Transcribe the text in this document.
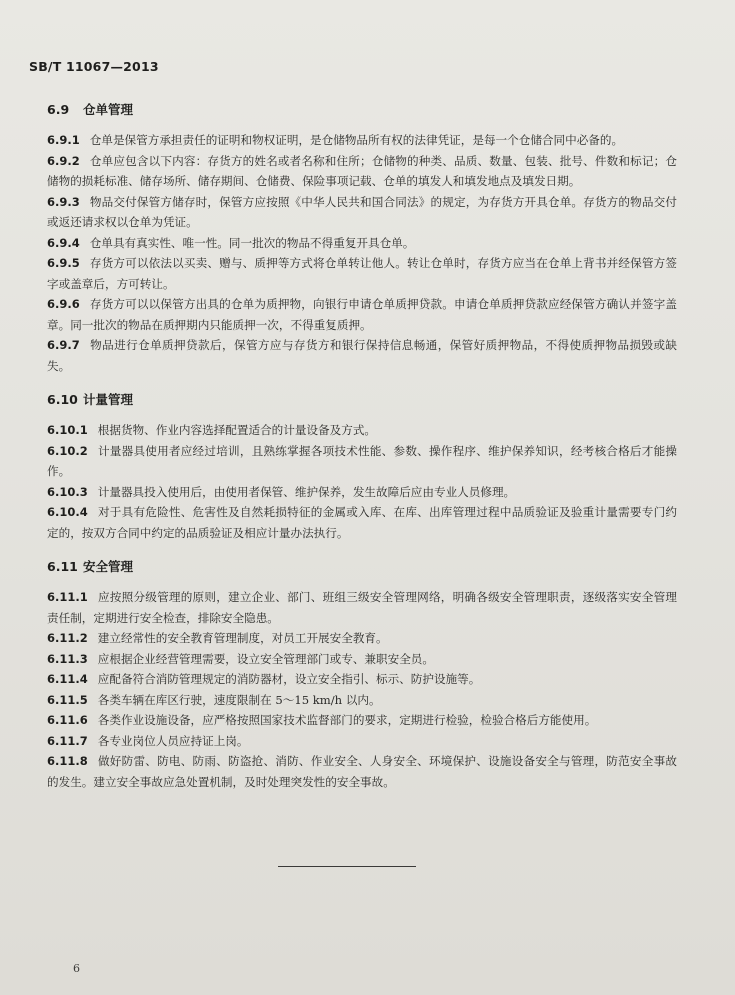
SB/T 11067—2013
6.9 仓单管理
6.9.1 仓单是保管方承担责任的证明和物权证明，是仓储物品所有权的法律凭证，是每一个仓储合同中必备的。
6.9.2 仓单应包含以下内容：存货方的姓名或者名称和住所；仓储物的种类、品质、数量、包装、批号、件数和标记；仓储物的损耗标准、储存场所、储存期间、仓储费、保险事项记载、仓单的填发人和填发地点及填发日期。
6.9.3 物品交付保管方储存时，保管方应按照《中华人民共和国合同法》的规定，为存货方开具仓单。存货方的物品交付或返还请求权以仓单为凭证。
6.9.4 仓单具有真实性、唯一性。同一批次的物品不得重复开具仓单。
6.9.5 存货方可以依法以买卖、赠与、质押等方式将仓单转让他人。转让仓单时，存货方应当在仓单上背书并经保管方签字或盖章后，方可转让。
6.9.6 存货方可以以保管方出具的仓单为质押物，向银行申请仓单质押贷款。申请仓单质押贷款应经保管方确认并签字盖章。同一批次的物品在质押期内只能质押一次，不得重复质押。
6.9.7 物品进行仓单质押贷款后，保管方应与存货方和银行保持信息畅通，保管好质押物品，不得使质押物品损毁或缺失。
6.10 计量管理
6.10.1 根据货物、作业内容选择配置适合的计量设备及方式。
6.10.2 计量器具使用者应经过培训，且熟练掌握各项技术性能、参数、操作程序、维护保养知识，经考核合格后才能操作。
6.10.3 计量器具投入使用后，由使用者保管、维护保养，发生故障后应由专业人员修理。
6.10.4 对于具有危险性、危害性及自然耗损特征的金属或入库、在库、出库管理过程中品质验证及验重计量需要专门约定的，按双方合同中约定的品质验证及相应计量办法执行。
6.11 安全管理
6.11.1 应按照分级管理的原则，建立企业、部门、班组三级安全管理网络，明确各级安全管理职责，逐级落实安全管理责任制，定期进行安全检查，排除安全隐患。
6.11.2 建立经常性的安全教育管理制度，对员工开展安全教育。
6.11.3 应根据企业经营管理需要，设立安全管理部门或专、兼职安全员。
6.11.4 应配备符合消防管理规定的消防器材，设立安全指引、标示、防护设施等。
6.11.5 各类车辆在库区行驶，速度限制在 5～15 km/h 以内。
6.11.6 各类作业设施设备，应严格按照国家技术监督部门的要求，定期进行检验，检验合格后方能使用。
6.11.7 各专业岗位人员应持证上岗。
6.11.8 做好防雷、防电、防雨、防盗抢、消防、作业安全、人身安全、环境保护、设施设备安全与管理，防范安全事故的发生。建立安全事故应急处置机制，及时处理突发性的安全事故。
6
